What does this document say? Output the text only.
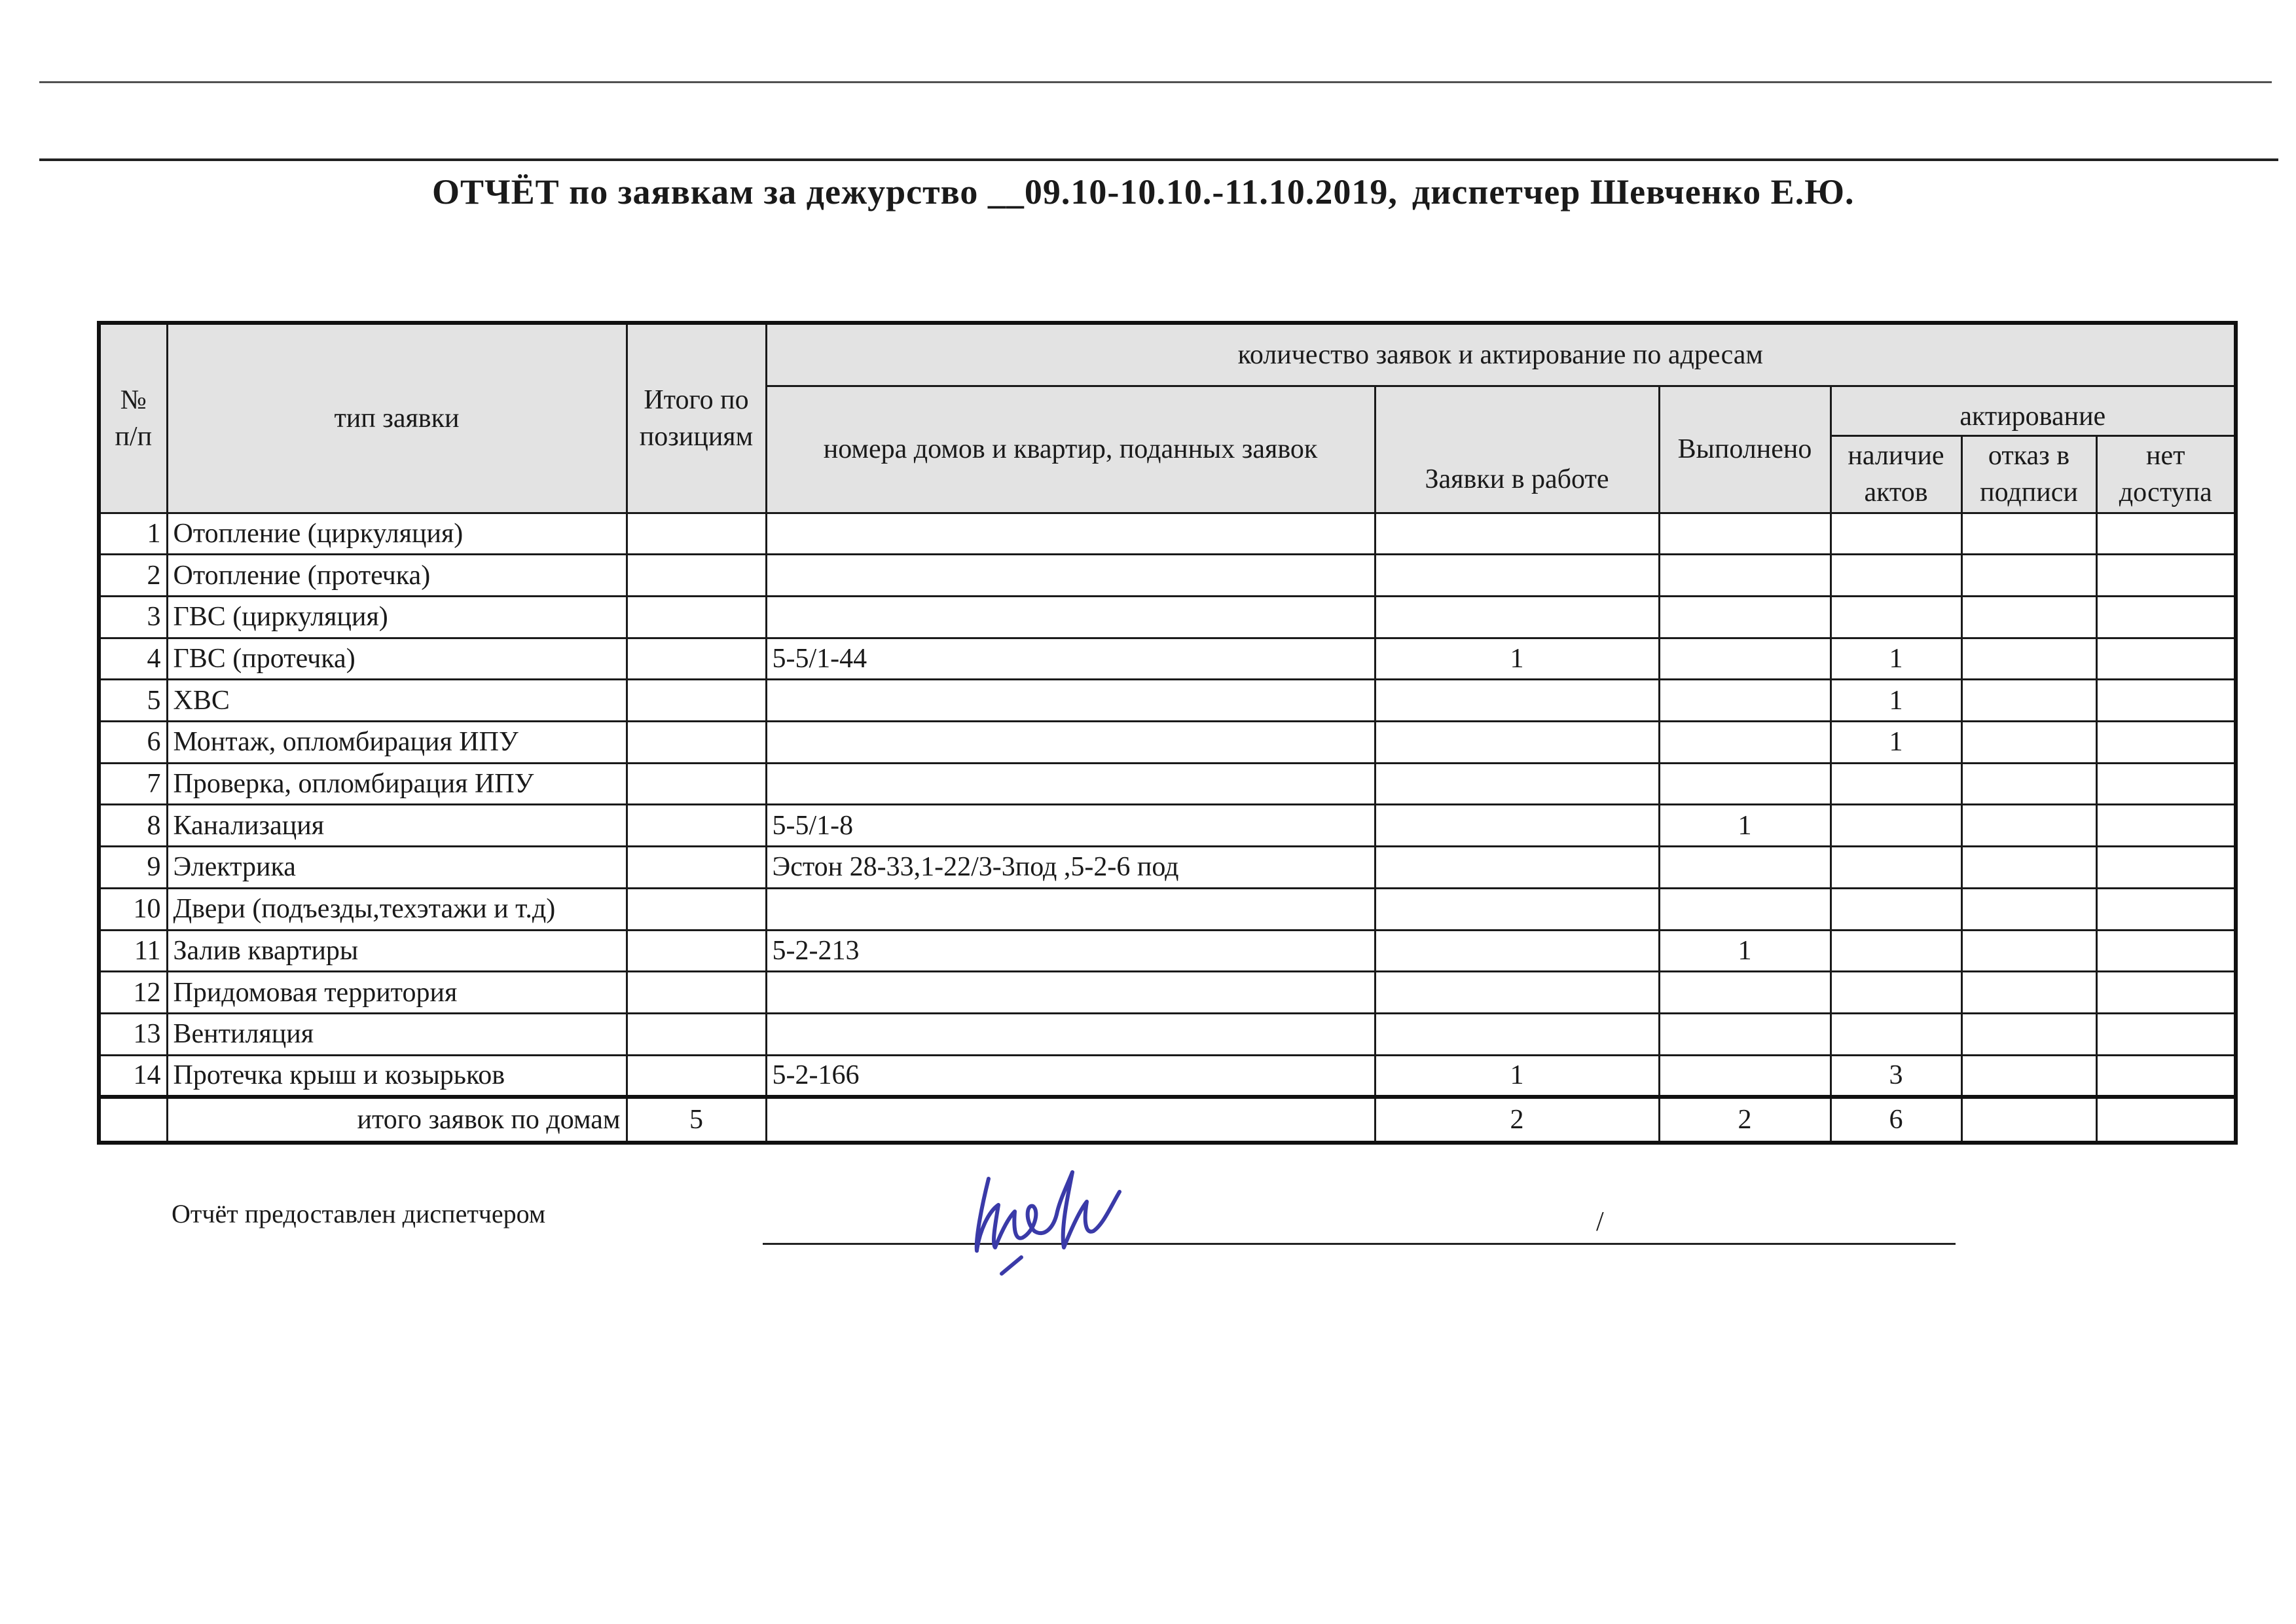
ОТЧЁТ по заявкам за дежурство __09.10-10.10.-11.10.2019, диспетчер Шевченко Е.Ю.
№ п/п	тип заявки	Итого по позициям	количество заявок и актирование по адресам					
			номера домов и квартир, поданных заявок	Заявки в работе	Выполнено	актирование		
						наличие актов	отказ в подписи	нет доступа
1	Отопление (циркуляция)							
2	Отопление (протечка)							
3	ГВС (циркуляция)							
4	ГВС (протечка)		5-5/1-44	1		1		
5	ХВС					1		
6	Монтаж, опломбирация ИПУ					1		
7	Проверка, опломбирация ИПУ							
8	Канализация		5-5/1-8		1			
9	Электрика		Эстон 28-33,1-22/3-3под ,5-2-6 под					
10	Двери (подъезды,техэтажи и т.д)							
11	Залив квартиры		5-2-213		1			
12	Придомовая территория							
13	Вентиляция							
14	Протечка крыш и козырьков		5-2-166	1		3		
	итого заявок по домам	5		2	2	6		
Отчёт предоставлен диспетчером	/
